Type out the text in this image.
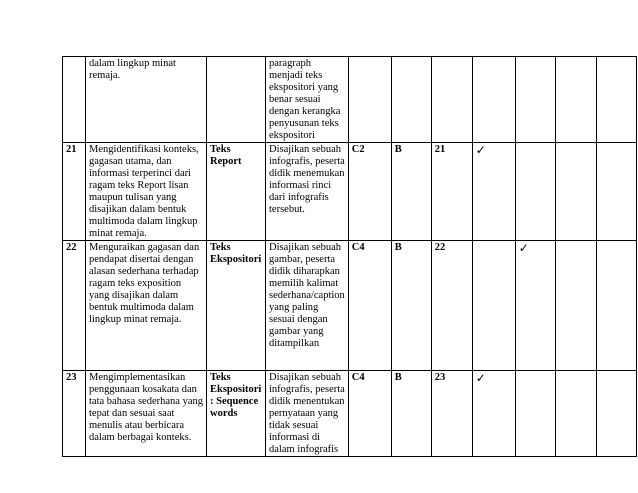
	dalam lingkup minat remaja.		paragraph menjadi teks ekspositori yang benar sesuai dengan kerangka penyusunan teks ekspositori							
21	Mengidentifikasi konteks, gagasan utama, dan informasi terperinci dari ragam teks Report lisan maupun tulisan yang disajikan dalam bentuk multimoda dalam lingkup minat remaja.	Teks Report	Disajikan sebuah infografis, peserta didik menemukan informasi rinci dari infografis tersebut.	C2	B	21	✓			
22	Menguraikan gagasan dan pendapat disertai dengan alasan sederhana terhadap ragam teks exposition yang disajikan dalam bentuk multimoda dalam lingkup minat remaja.	Teks Ekspositori	Disajikan sebuah gambar, peserta didik diharapkan memilih kalimat sederhana/caption yang paling sesuai dengan gambar yang ditampilkan	C4	B	22		✓		
23	Mengimplementasikan penggunaan kosakata dan tata bahasa sederhana yang tepat dan sesuai saat menulis atau berbicara dalam berbagai konteks.	Teks Ekspositori : Sequence words	Disajikan sebuah infografis, peserta didik menentukan pernyataan yang tidak sesuai informasi di dalam infografis	C4	B	23	✓			
